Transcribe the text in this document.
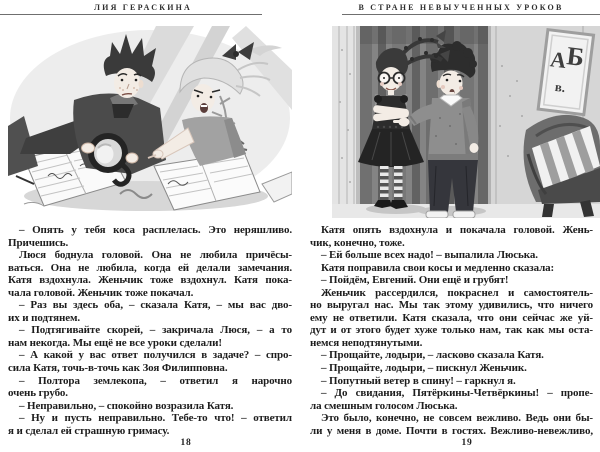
ЛИЯ ГЕРАСКИНА	В СТРАНЕ НЕВЫУЧЕННЫХ УРОКОВ
А
Б
в.
– Опять у тебя коса расплелась. Это неряшливо.
Причешись.
Люся боднула головой. Она не любила причёсы-
ваться. Она не любила, когда ей делали замечания.
Катя вздохнула. Женьчик тоже вздохнул. Катя пока-
чала головой. Женьчик тоже покачал.
– Раз вы здесь оба, – сказала Катя, – мы вас дво-
их и подтянем.
– Подтягивайте скорей, – закричала Люся, – а то
нам некогда. Мы ещё не все уроки сделали!
– А какой у вас ответ получился в задаче? – спро-
сила Катя, точь-в-точь как Зоя Филипповна.
– Полтора землекопа, – ответил я нарочно
очень грубо.
– Неправильно, – спокойно возразила Катя.
– Ну и пусть неправильно. Тебе-то что! – ответил
я и сделал ей страшную гримасу.
Катя опять вздохнула и покачала головой. Жень-
чик, конечно, тоже.
– Ей больше всех надо! – выпалила Люська.
Катя поправила свои косы и медленно сказала:
– Пойдём, Евгений. Они ещё и грубят!
Женьчик рассердился, покраснел и самостоятель-
но выругал нас. Мы так этому удивились, что ничего
ему не ответили. Катя сказала, что они сейчас же уй-
дут и от этого будет хуже только нам, так как мы оста-
немся неподтянутыми.
– Прощайте, лодыри, – ласково сказала Катя.
– Прощайте, лодыри, – пискнул Женьчик.
– Попутный ветер в спину! – гаркнул я.
– До свидания, Пятёркины-Четвёркины! – пропе-
ла смешным голосом Люська.
Это было, конечно, не совсем вежливо. Ведь они бы-
ли у меня в доме. Почти в гостях. Вежливо-невежливо,
18	19
